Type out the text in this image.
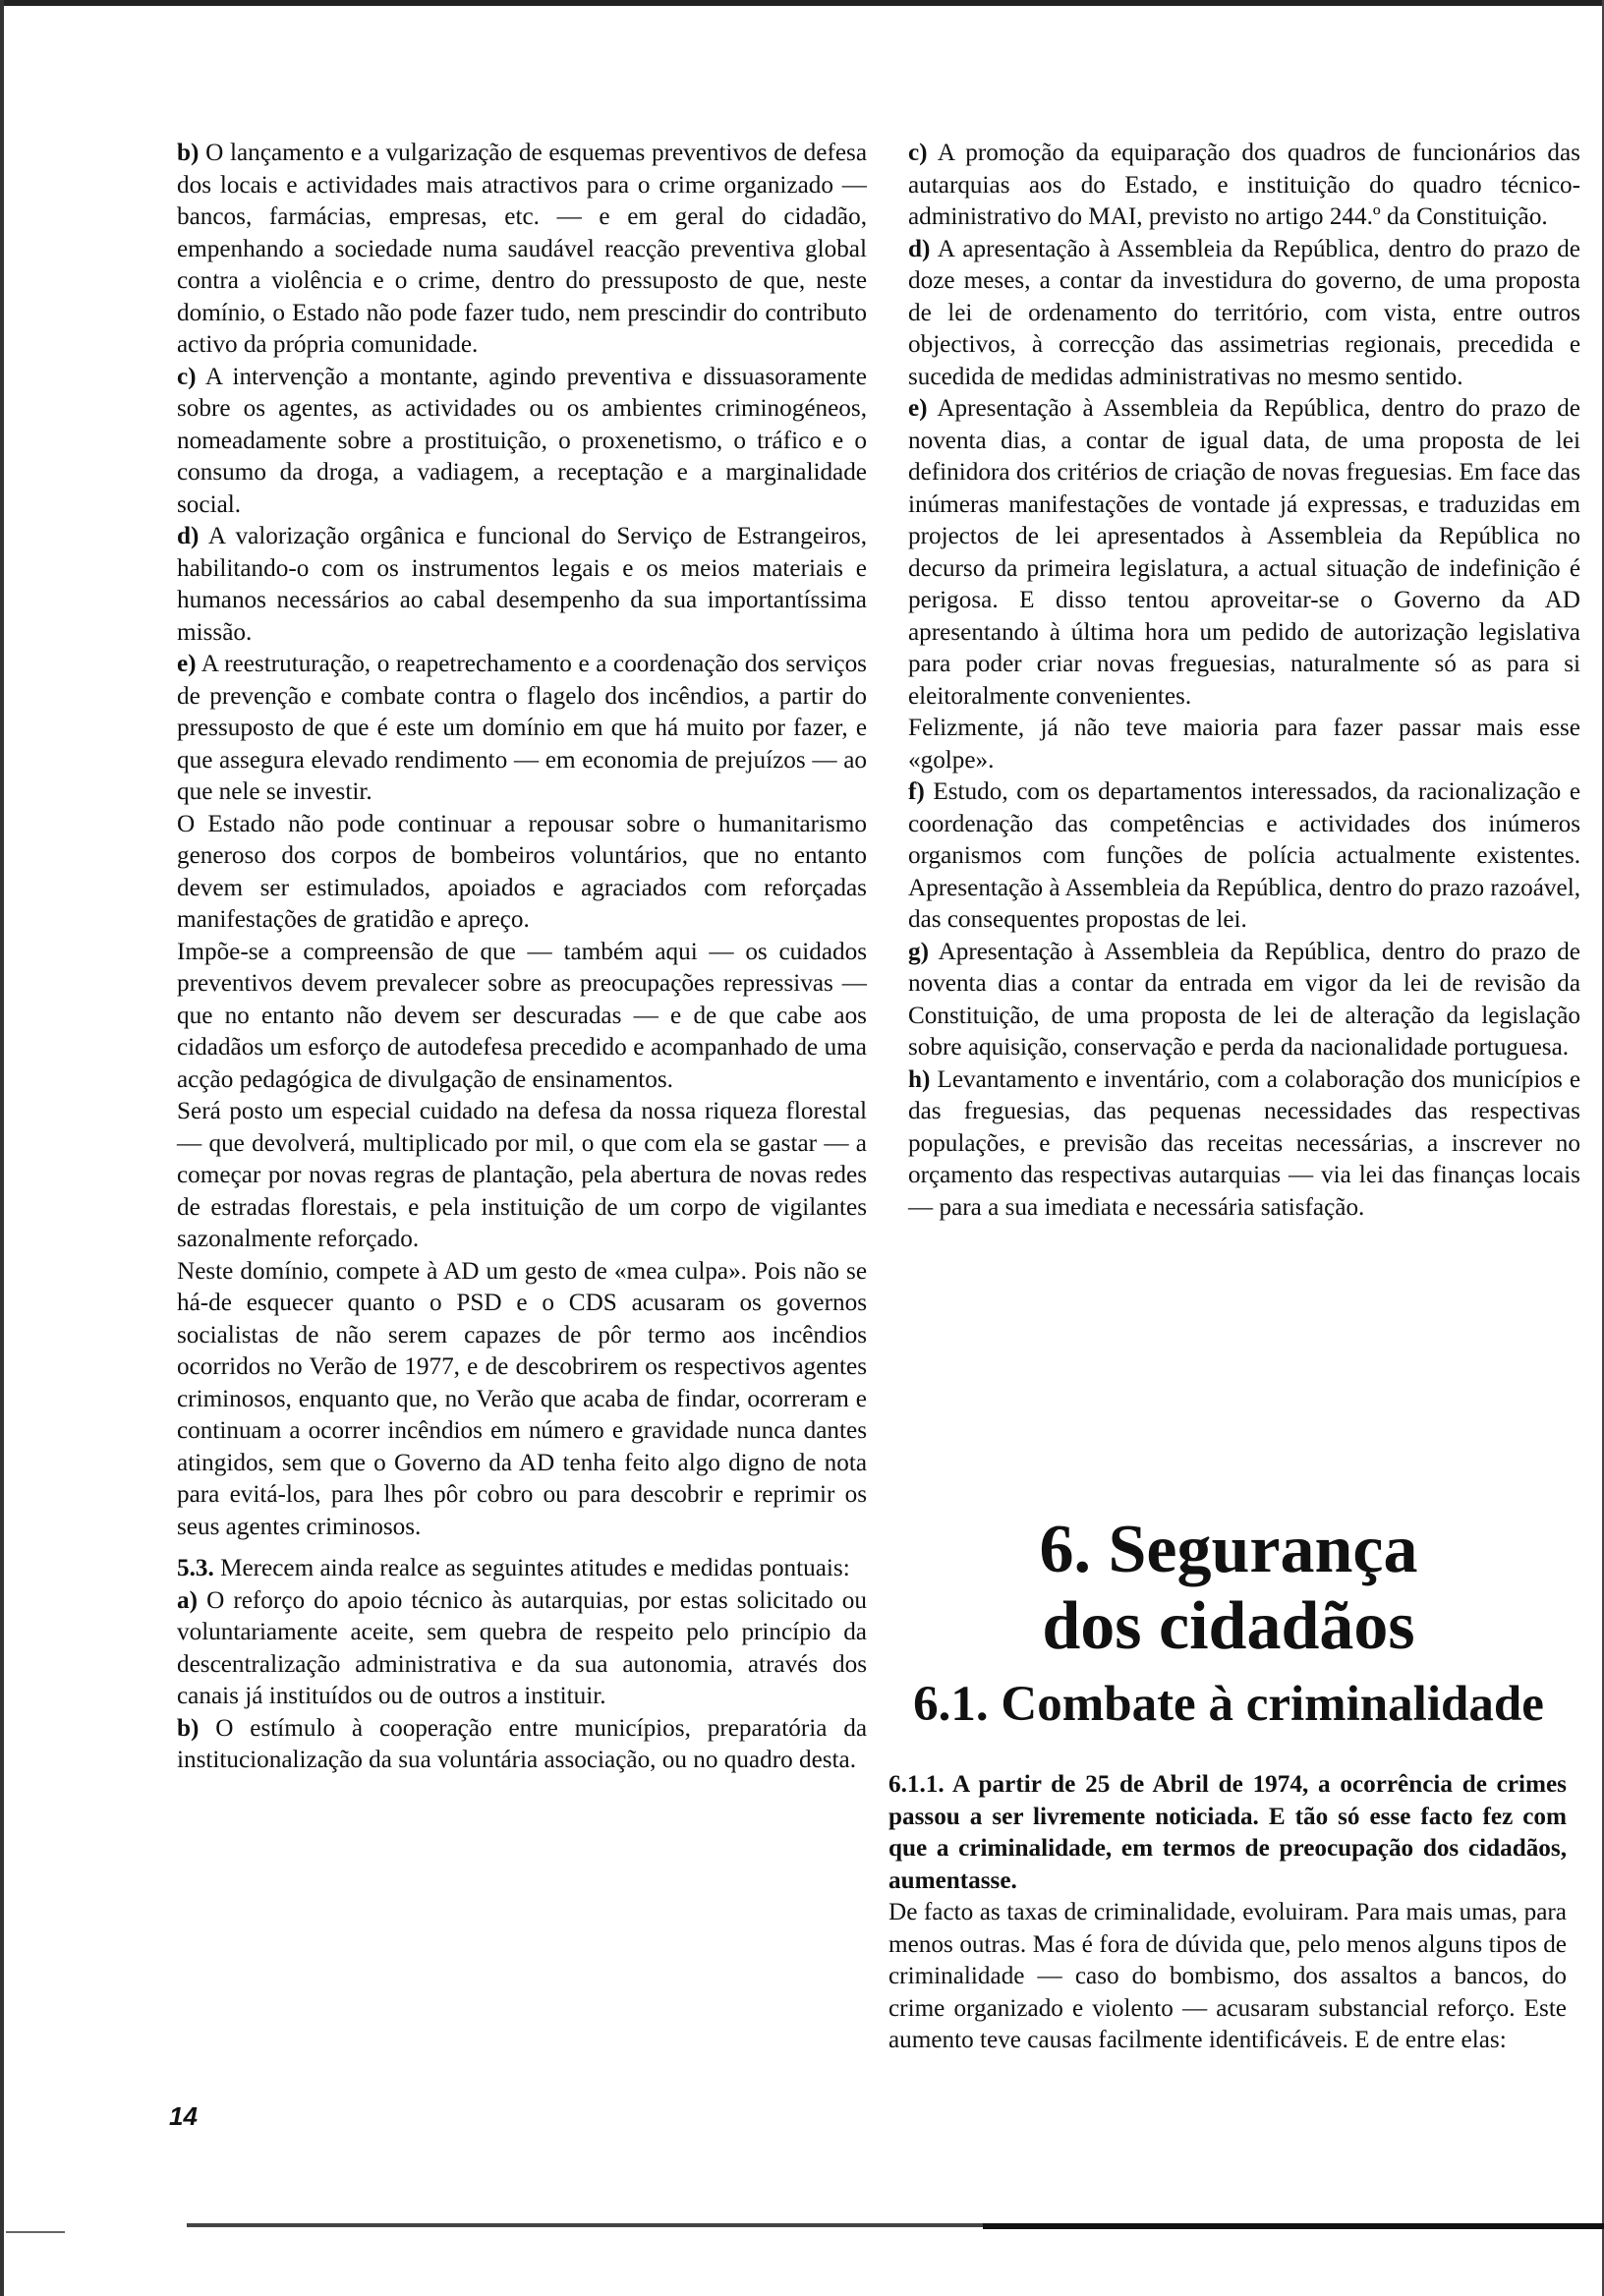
b) O lançamento e a vulgarização de esquemas preventivos de defesa dos locais e actividades mais atractivos para o crime organizado — bancos, farmácias, empresas, etc. — e em geral do cidadão, empenhando a sociedade numa saudável reacção preventiva global contra a violência e o crime, dentro do pressuposto de que, neste domínio, o Estado não pode fazer tudo, nem prescindir do contributo activo da própria comunidade.

c) A intervenção a montante, agindo preventiva e dissuasoramente sobre os agentes, as actividades ou os ambientes criminogéneos, nomeadamente sobre a prostituição, o proxenetismo, o tráfico e o consumo da droga, a vadiagem, a receptação e a marginalidade social.

d) A valorização orgânica e funcional do Serviço de Estrangeiros, habilitando-o com os instrumentos legais e os meios materiais e humanos necessários ao cabal desempenho da sua importantíssima missão.

e) A reestruturação, o reapetrechamento e a coordenação dos serviços de prevenção e combate contra o flagelo dos incêndios, a partir do pressuposto de que é este um domínio em que há muito por fazer, e que assegura elevado rendimento — em economia de prejuízos — ao que nele se investir.

O Estado não pode continuar a repousar sobre o humanitarismo generoso dos corpos de bombeiros voluntários, que no entanto devem ser estimulados, apoiados e agraciados com reforçadas manifestações de gratidão e apreço.

Impõe-se a compreensão de que — também aqui — os cuidados preventivos devem prevalecer sobre as preocupações repressivas — que no entanto não devem ser descuradas — e de que cabe aos cidadãos um esforço de autodefesa precedido e acompanhado de uma acção pedagógica de divulgação de ensinamentos.

Será posto um especial cuidado na defesa da nossa riqueza florestal — que devolverá, multiplicado por mil, o que com ela se gastar — a começar por novas regras de plantação, pela abertura de novas redes de estradas florestais, e pela instituição de um corpo de vigilantes sazonalmente reforçado.

Neste domínio, compete à AD um gesto de «mea culpa». Pois não se há-de esquecer quanto o PSD e o CDS acusaram os governos socialistas de não serem capazes de pôr termo aos incêndios ocorridos no Verão de 1977, e de descobrirem os respectivos agentes criminosos, enquanto que, no Verão que acaba de findar, ocorreram e continuam a ocorrer incêndios em número e gravidade nunca dantes atingidos, sem que o Governo da AD tenha feito algo digno de nota para evitá-los, para lhes pôr cobro ou para descobrir e reprimir os seus agentes criminosos.

5.3. Merecem ainda realce as seguintes atitudes e medidas pontuais:

a) O reforço do apoio técnico às autarquias, por estas solicitado ou voluntariamente aceite, sem quebra de respeito pelo princípio da descentralização administrativa e da sua autonomia, através dos canais já instituídos ou de outros a instituir.

b) O estímulo à cooperação entre municípios, preparatória da institucionalização da sua voluntária associação, ou no quadro desta.

c) A promoção da equiparação dos quadros de funcionários das autarquias aos do Estado, e instituição do quadro técnico-administrativo do MAI, previsto no artigo 244.º da Constituição.

d) A apresentação à Assembleia da República, dentro do prazo de doze meses, a contar da investidura do governo, de uma proposta de lei de ordenamento do território, com vista, entre outros objectivos, à correcção das assimetrias regionais, precedida e sucedida de medidas administrativas no mesmo sentido.

e) Apresentação à Assembleia da República, dentro do prazo de noventa dias, a contar de igual data, de uma proposta de lei definidora dos critérios de criação de novas freguesias. Em face das inúmeras manifestações de vontade já expressas, e traduzidas em projectos de lei apresentados à Assembleia da República no decurso da primeira legislatura, a actual situação de indefinição é perigosa. E disso tentou aproveitar-se o Governo da AD apresentando à última hora um pedido de autorização legislativa para poder criar novas freguesias, naturalmente só as para si eleitoralmente convenientes.

Felizmente, já não teve maioria para fazer passar mais esse «golpe».

f) Estudo, com os departamentos interessados, da racionalização e coordenação das competências e actividades dos inúmeros organismos com funções de polícia actualmente existentes. Apresentação à Assembleia da República, dentro do prazo razoável, das consequentes propostas de lei.

g) Apresentação à Assembleia da República, dentro do prazo de noventa dias a contar da entrada em vigor da lei de revisão da Constituição, de uma proposta de lei de alteração da legislação sobre aquisição, conservação e perda da nacionalidade portuguesa.

h) Levantamento e inventário, com a colaboração dos municípios e das freguesias, das pequenas necessidades das respectivas populações, e previsão das receitas necessárias, a inscrever no orçamento das respectivas autarquias — via lei das finanças locais — para a sua imediata e necessária satisfação.

6. Segurança
dos cidadãos
6.1. Combate à criminalidade

6.1.1. A partir de 25 de Abril de 1974, a ocorrência de crimes passou a ser livremente noticiada. E tão só esse facto fez com que a criminalidade, em termos de preocupação dos cidadãos, aumentasse.

De facto as taxas de criminalidade, evoluiram. Para mais umas, para menos outras. Mas é fora de dúvida que, pelo menos alguns tipos de criminalidade — caso do bombismo, dos assaltos a bancos, do crime organizado e violento — acusaram substancial reforço. Este aumento teve causas facilmente identificáveis. E de entre elas:

14
